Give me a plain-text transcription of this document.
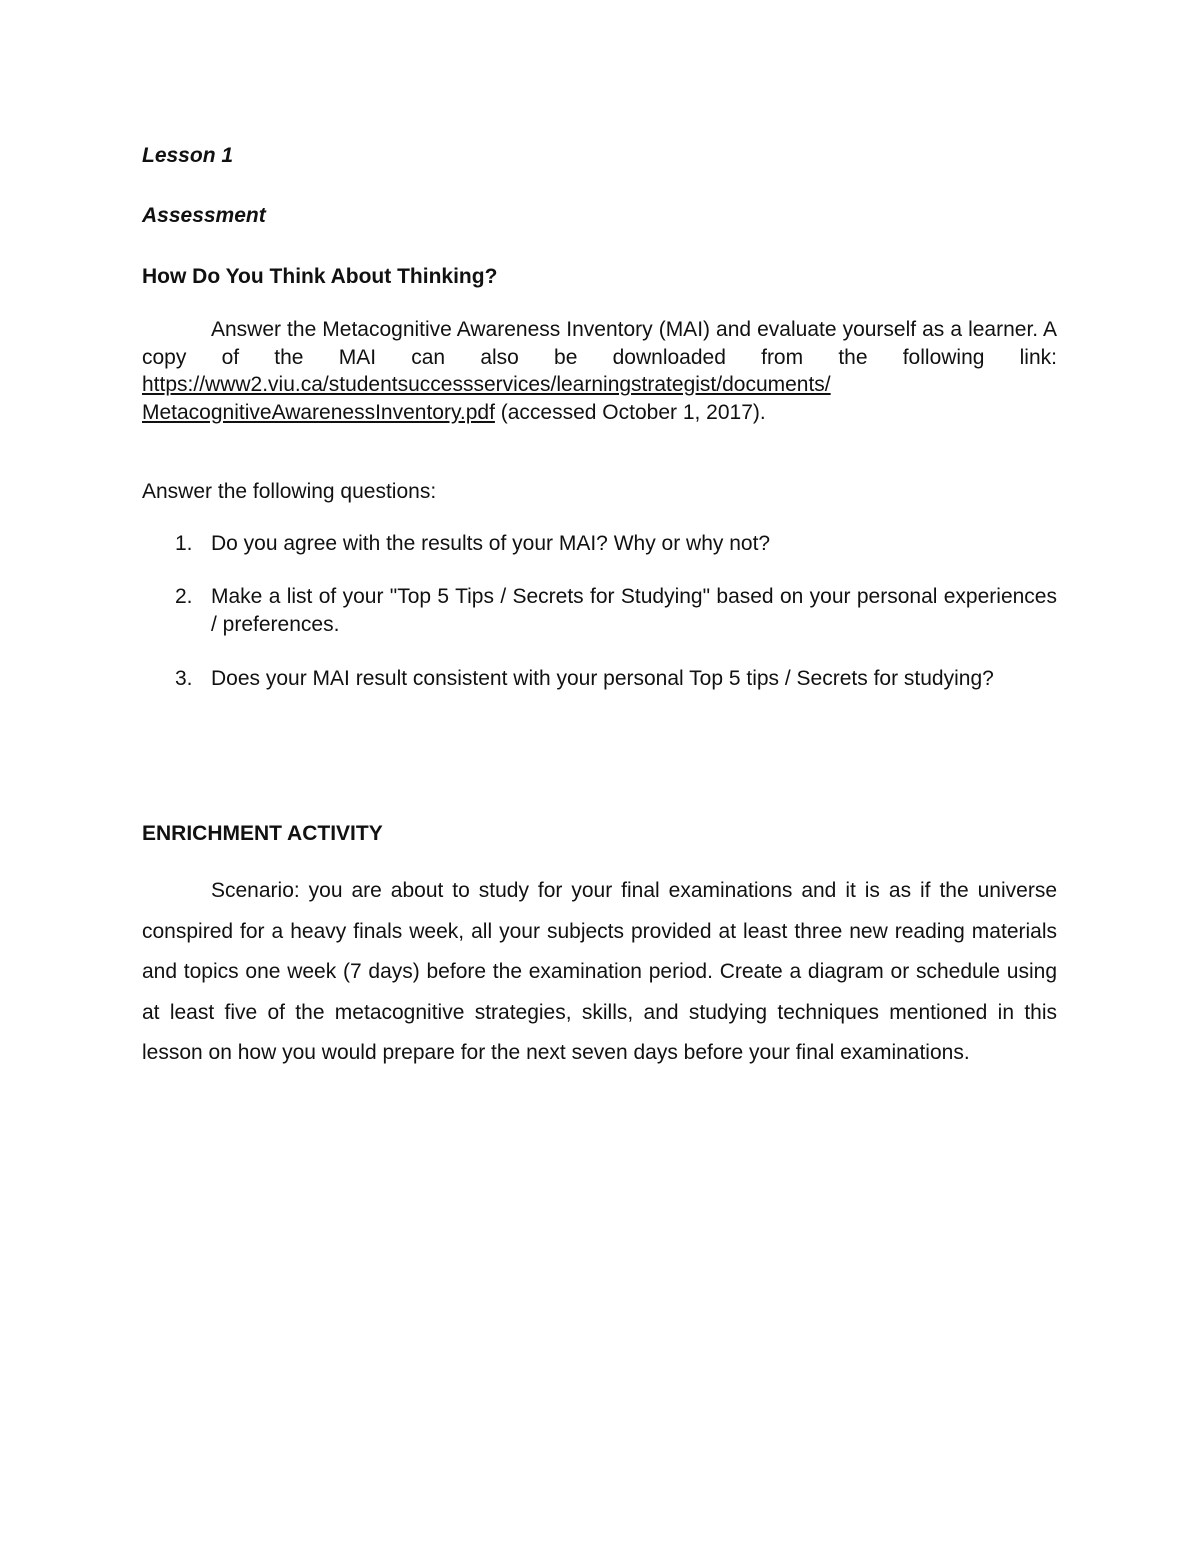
Lesson 1

Assessment

How Do You Think About Thinking?

Answer the Metacognitive Awareness Inventory (MAI) and evaluate yourself as a learner. A copy of the MAI can also be downloaded from the following link: https://www2.viu.ca/studentsuccessservices/learningstrategist/documents/
MetacognitiveAwarenessInventory.pdf (accessed October 1, 2017).

Answer the following questions:

1. Do you agree with the results of your MAI? Why or why not?
2. Make a list of your "Top 5 Tips / Secrets for Studying" based on your personal experiences / preferences.
3. Does your MAI result consistent with your personal Top 5 tips / Secrets for studying?

ENRICHMENT ACTIVITY

Scenario: you are about to study for your final examinations and it is as if the universe conspired for a heavy finals week, all your subjects provided at least three new reading materials and topics one week (7 days) before the examination period. Create a diagram or schedule using at least five of the metacognitive strategies, skills, and studying techniques mentioned in this lesson on how you would prepare for the next seven days before your final examinations.
